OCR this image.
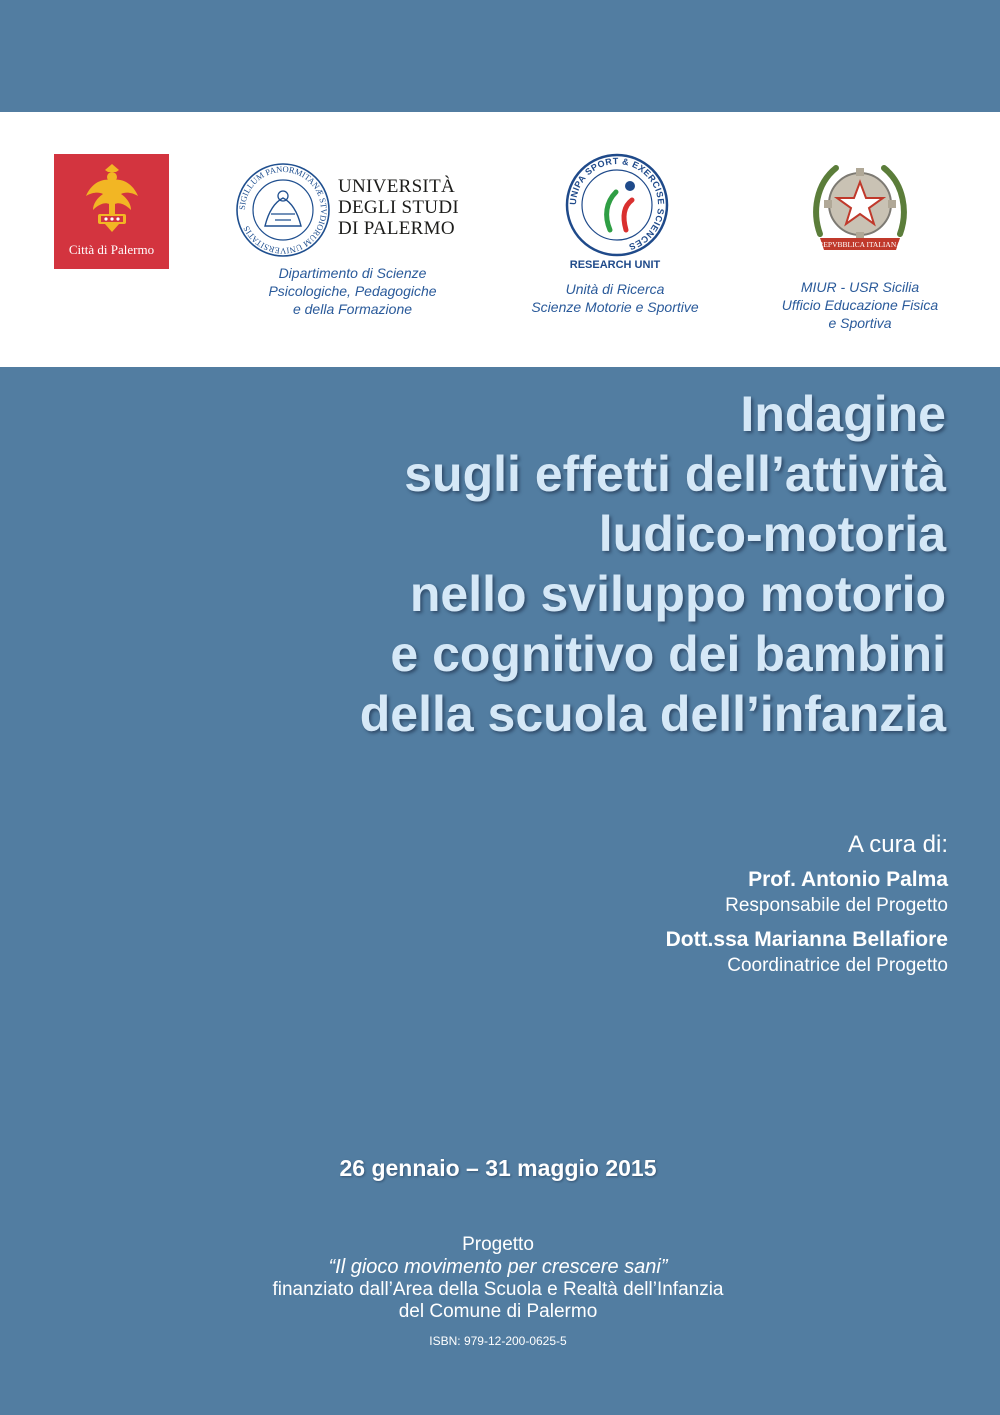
Città di Palermo
SIGILLUM PANORMITANÆ STVDIORUM UNIVERSITATIS
UNIVERSITÀ
DEGLI STUDI
DI PALERMO
Dipartimento di Scienze
Psicologiche, Pedagogiche
e della Formazione
UNIPA SPORT & EXERCISE SCIENCES
RESEARCH UNIT
Unità di Ricerca
Scienze Motorie e Sportive
REPVBBLICA ITALIANA
MIUR - USR Sicilia
Ufficio Educazione Fisica
e Sportiva
Indagine
sugli effetti dell’attività
ludico-motoria
nello sviluppo motorio
e cognitivo dei bambini
della scuola dell’infanzia
A cura di:
Prof. Antonio Palma
Responsabile del Progetto
Dott.ssa Marianna Bellafiore
Coordinatrice del Progetto
26 gennaio – 31 maggio 2015
Progetto
“Il gioco movimento per crescere sani”
finanziato dall’Area della Scuola e Realtà dell’Infanzia
del Comune di Palermo
ISBN: 979-12-200-0625-5
